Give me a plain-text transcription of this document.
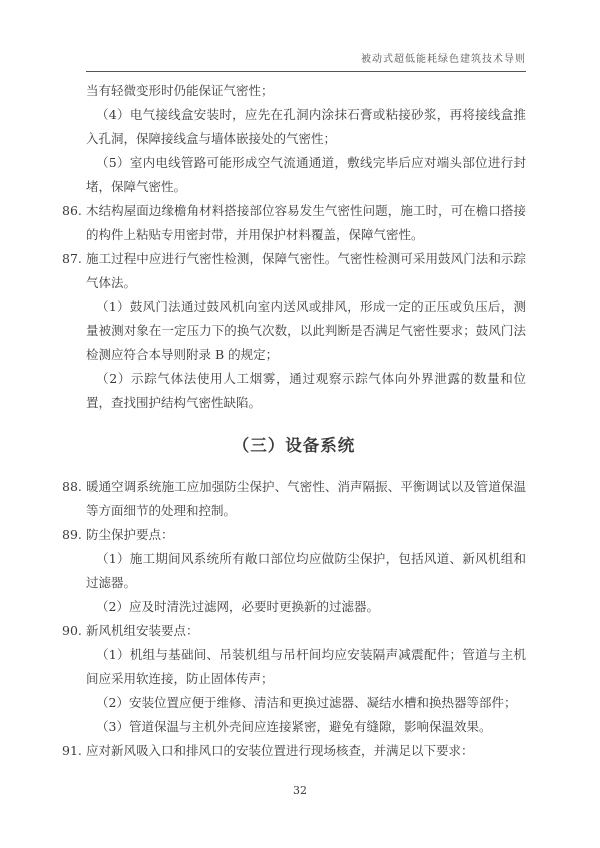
被动式超低能耗绿色建筑技术导则
当有轻微变形时仍能保证气密性；
（4）电气接线盒安装时，应先在孔洞内涂抹石膏或粘接砂浆，再将接线盒推入孔洞，保障接线盒与墙体嵌接处的气密性；
（5）室内电线管路可能形成空气流通通道，敷线完毕后应对端头部位进行封堵，保障气密性。
86. 木结构屋面边缘檐角材料搭接部位容易发生气密性问题，施工时，可在檐口搭接的构件上粘贴专用密封带，并用保护材料覆盖，保障气密性。
87. 施工过程中应进行气密性检测，保障气密性。气密性检测可采用鼓风门法和示踪气体法。
（1）鼓风门法通过鼓风机向室内送风或排风，形成一定的正压或负压后，测量被测对象在一定压力下的换气次数，以此判断是否满足气密性要求；鼓风门法检测应符合本导则附录 B 的规定；
（2）示踪气体法使用人工烟雾，通过观察示踪气体向外界泄露的数量和位置，查找围护结构气密性缺陷。
（三）设备系统
88. 暖通空调系统施工应加强防尘保护、气密性、消声隔振、平衡调试以及管道保温等方面细节的处理和控制。
89. 防尘保护要点：
（1）施工期间风系统所有敞口部位均应做防尘保护，包括风道、新风机组和过滤器。
（2）应及时清洗过滤网，必要时更换新的过滤器。
90. 新风机组安装要点：
（1）机组与基础间、吊装机组与吊杆间均应安装隔声减震配件；管道与主机间应采用软连接，防止固体传声；
（2）安装位置应便于维修、清洁和更换过滤器、凝结水槽和换热器等部件；
（3）管道保温与主机外壳间应连接紧密，避免有缝隙，影响保温效果。
91. 应对新风吸入口和排风口的安装位置进行现场核查，并满足以下要求：
32
